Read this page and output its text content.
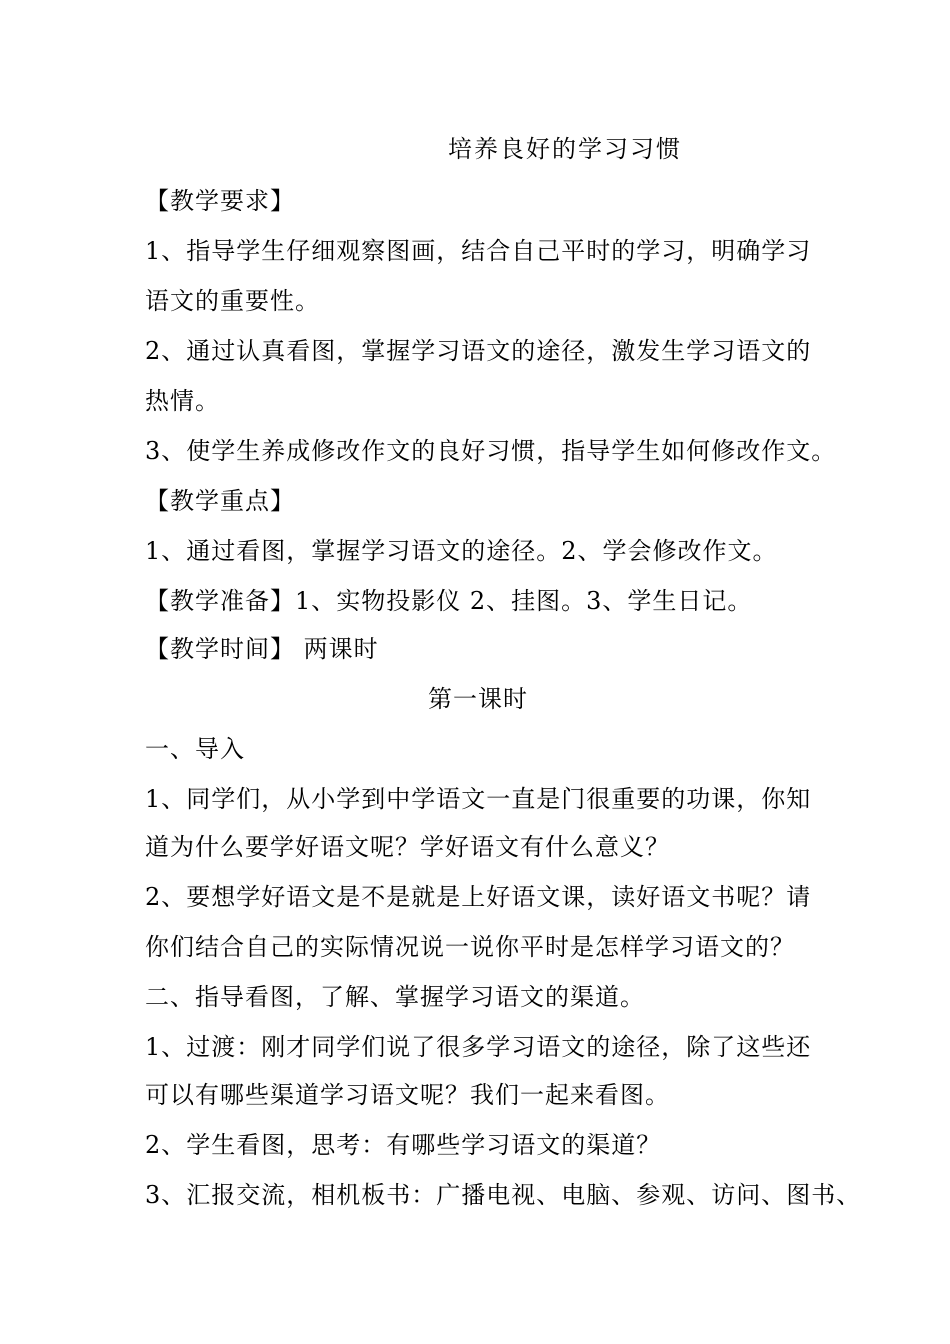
培养良好的学习习惯
【教学要求】
1、指导学生仔细观察图画，结合自己平时的学习，明确学习
语文的重要性。
2、通过认真看图，掌握学习语文的途径，激发生学习语文的
热情。
3、使学生养成修改作文的良好习惯，指导学生如何修改作文。
【教学重点】
1、通过看图，掌握学习语文的途径。2、学会修改作文。
【教学准备】1、实物投影仪 2、挂图。3、学生日记。
【教学时间】 两课时
第一课时
一、导入
1、同学们，从小学到中学语文一直是门很重要的功课，你知
道为什么要学好语文呢？学好语文有什么意义？
2、要想学好语文是不是就是上好语文课，读好语文书呢？请
你们结合自己的实际情况说一说你平时是怎样学习语文的？
二、指导看图，了解、掌握学习语文的渠道。
1、过渡：刚才同学们说了很多学习语文的途径，除了这些还
可以有哪些渠道学习语文呢？我们一起来看图。
2、学生看图，思考：有哪些学习语文的渠道？
3、汇报交流，相机板书：广播电视、电脑、参观、访问、图书、
